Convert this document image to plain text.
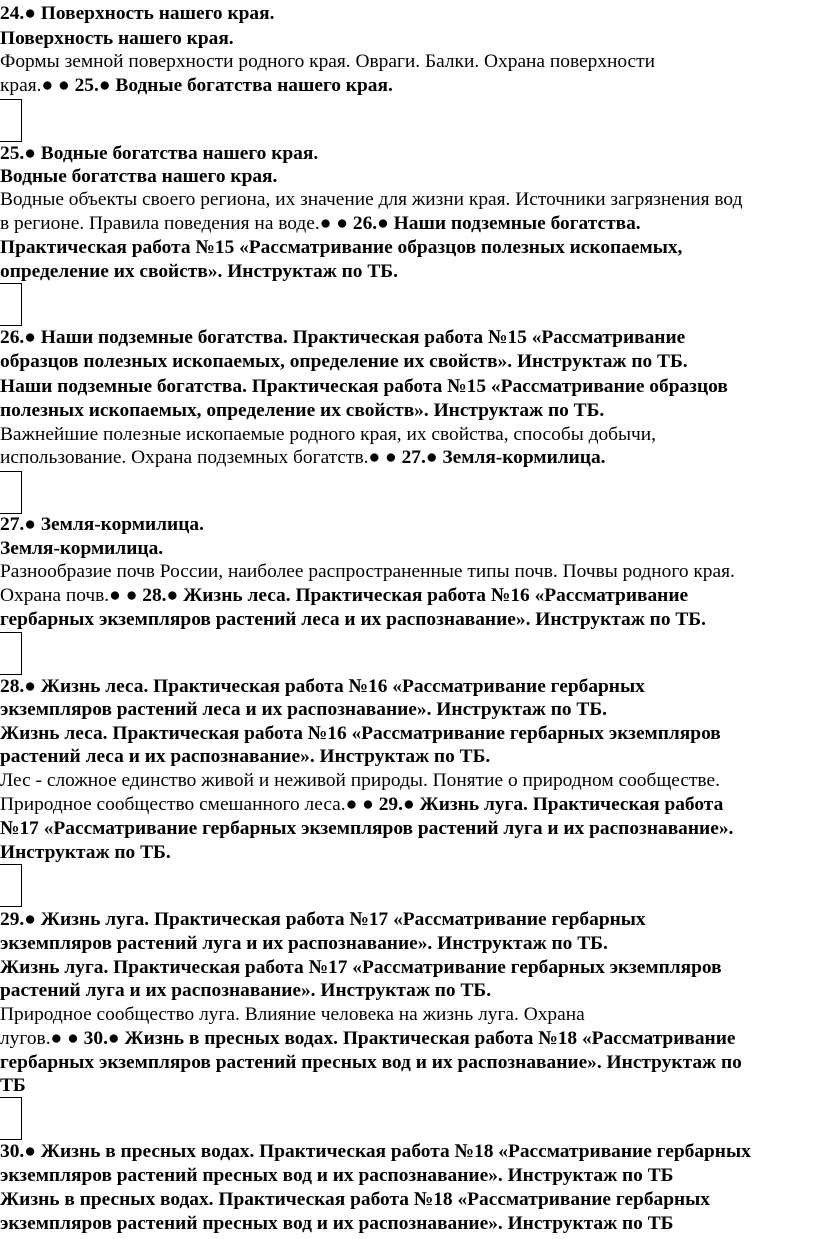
24.● Поверхность нашего края.
Поверхность нашего края.
Формы земной поверхности родного края. Овраги. Балки. Охрана поверхности
края.● ● 25.● Водные богатства нашего края.
25.● Водные богатства нашего края.
Водные богатства нашего края.
Водные объекты своего региона, их значение для жизни края. Источники загрязнения вод
в регионе. Правила поведения на воде.● ● 26.● Наши подземные богатства.
Практическая работа №15 «Рассматривание образцов полезных ископаемых,
определение их свойств». Инструктаж по ТБ.
26.● Наши подземные богатства. Практическая работа №15 «Рассматривание
образцов полезных ископаемых, определение их свойств». Инструктаж по ТБ.
Наши подземные богатства. Практическая работа №15 «Рассматривание образцов
полезных ископаемых, определение их свойств». Инструктаж по ТБ.
Важнейшие полезные ископаемые родного края, их свойства, способы добычи,
использование. Охрана подземных богатств.● ● 27.● Земля-кормилица.
27.● Земля-кормилица.
Земля-кормилица.
Разнообразие почв России, наиболее распространенные типы почв. Почвы родного края.
Охрана почв.● ● 28.● Жизнь леса. Практическая работа №16 «Рассматривание
гербарных экземпляров растений леса и их распознавание». Инструктаж по ТБ.
28.● Жизнь леса. Практическая работа №16 «Рассматривание гербарных
экземпляров растений леса и их распознавание». Инструктаж по ТБ.
Жизнь леса. Практическая работа №16 «Рассматривание гербарных экземпляров
растений леса и их распознавание». Инструктаж по ТБ.
Лес - сложное единство живой и неживой природы. Понятие о природном сообществе.
Природное сообщество смешанного леса.● ● 29.● Жизнь луга. Практическая работа
№17 «Рассматривание гербарных экземпляров растений луга и их распознавание».
Инструктаж по ТБ.
29.● Жизнь луга. Практическая работа №17 «Рассматривание гербарных
экземпляров растений луга и их распознавание». Инструктаж по ТБ.
Жизнь луга. Практическая работа №17 «Рассматривание гербарных экземпляров
растений луга и их распознавание». Инструктаж по ТБ.
Природное сообщество луга. Влияние человека на жизнь луга. Охрана
лугов.● ● 30.● Жизнь в пресных водах. Практическая работа №18 «Рассматривание
гербарных экземпляров растений пресных вод и их распознавание». Инструктаж по
ТБ
30.● Жизнь в пресных водах. Практическая работа №18 «Рассматривание гербарных
экземпляров растений пресных вод и их распознавание». Инструктаж по ТБ
Жизнь в пресных водах. Практическая работа №18 «Рассматривание гербарных
экземпляров растений пресных вод и их распознавание». Инструктаж по ТБ
